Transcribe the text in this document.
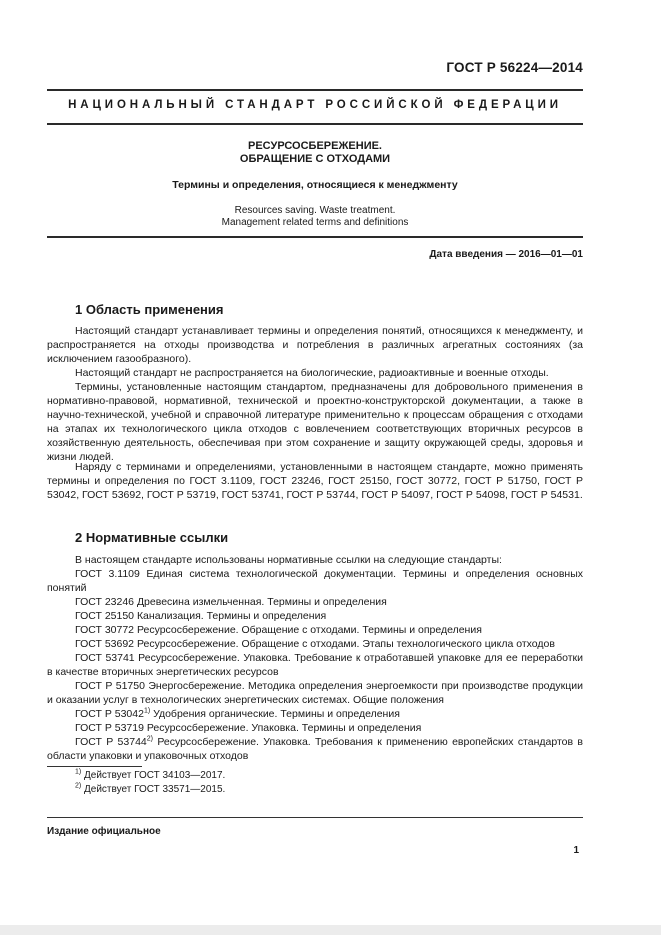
ГОСТ Р 56224—2014
НАЦИОНАЛЬНЫЙ СТАНДАРТ РОССИЙСКОЙ ФЕДЕРАЦИИ
РЕСУРСОСБЕРЕЖЕНИЕ.
ОБРАЩЕНИЕ С ОТХОДАМИ
Термины и определения, относящиеся к менеджменту
Resources saving. Waste treatment.
Management related terms and definitions
Дата введения — 2016—01—01
1 Область применения
Настоящий стандарт устанавливает термины и определения понятий, относящихся к менеджменту, и распространяется на отходы производства и потребления в различных агрегатных состояниях (за исключением газообразного).
Настоящий стандарт не распространяется на биологические, радиоактивные и военные отходы.
Термины, установленные настоящим стандартом, предназначены для добровольного применения в нормативно-правовой, нормативной, технической и проектно-конструкторской документации, а также в научно-технической, учебной и справочной литературе применительно к процессам обращения с отходами на этапах их технологического цикла отходов с вовлечением соответствующих вторичных ресурсов в хозяйственную деятельность, обеспечивая при этом сохранение и защиту окружающей среды, здоровья и жизни людей.
Наряду с терминами и определениями, установленными в настоящем стандарте, можно применять термины и определения по ГОСТ 3.1109, ГОСТ 23246, ГОСТ 25150, ГОСТ 30772, ГОСТ Р 51750, ГОСТ Р 53042, ГОСТ 53692, ГОСТ Р 53719, ГОСТ 53741, ГОСТ Р 53744, ГОСТ Р 54097, ГОСТ Р 54098, ГОСТ Р 54531.
2 Нормативные ссылки
В настоящем стандарте использованы нормативные ссылки на следующие стандарты:
ГОСТ 3.1109 Единая система технологической документации. Термины и определения основных понятий
ГОСТ 23246 Древесина измельченная. Термины и определения
ГОСТ 25150 Канализация. Термины и определения
ГОСТ 30772 Ресурсосбережение. Обращение с отходами. Термины и определения
ГОСТ 53692 Ресурсосбережение. Обращение с отходами. Этапы технологического цикла отходов
ГОСТ 53741 Ресурсосбережение. Упаковка. Требование к отработавшей упаковке для ее переработки в качестве вторичных энергетических ресурсов
ГОСТ Р 51750 Энергосбережение. Методика определения энергоемкости при производстве продукции и оказании услуг в технологических энергетических системах. Общие положения
ГОСТ Р 53042$^{1)}$ Удобрения органические. Термины и определения
ГОСТ Р 53719 Ресурсосбережение. Упаковка. Термины и определения
ГОСТ Р 53744$^{2)}$ Ресурсосбережение. Упаковка. Требования к применению европейских стандартов в области упаковки и упаковочных отходов
$^{1)}$ Действует ГОСТ 34103—2017.
$^{2)}$ Действует ГОСТ 33571—2015.
Издание официальное
1
